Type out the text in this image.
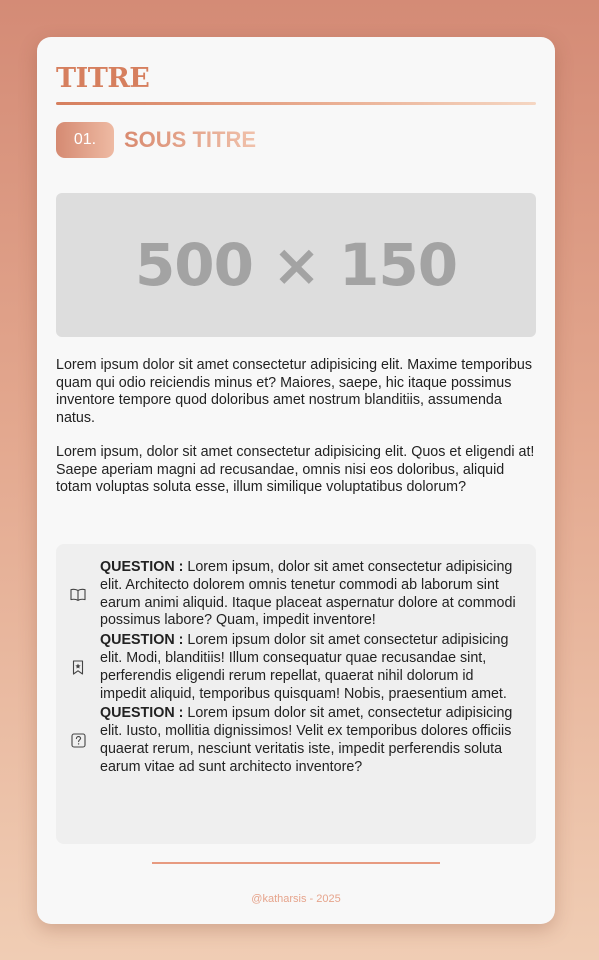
TITRE
01.	SOUS TITRE
500 × 150

Lorem ipsum dolor sit amet consectetur adipisicing elit. Maxime temporibus quam qui odio reiciendis minus et? Maiores, saepe, hic itaque possimus inventore tempore quod doloribus amet nostrum blanditiis, assumenda natus.

Lorem ipsum, dolor sit amet consectetur adipisicing elit. Quos et eligendi at! Saepe aperiam magni ad recusandae, omnis nisi eos doloribus, aliquid totam voluptas soluta esse, illum similique voluptatibus dolorum?

QUESTION : Lorem ipsum, dolor sit amet consectetur adipisicing elit. Architecto dolorem omnis tenetur commodi ab laborum sint earum animi aliquid. Itaque placeat aspernatur dolore at commodi possimus labore? Quam, impedit inventore!

QUESTION : Lorem ipsum dolor sit amet consectetur adipisicing elit. Modi, blanditiis! Illum consequatur quae recusandae sint, perferendis eligendi rerum repellat, quaerat nihil dolorum id impedit aliquid, temporibus quisquam! Nobis, praesentium amet.

QUESTION : Lorem ipsum dolor sit amet, consectetur adipisicing elit. Iusto, mollitia dignissimos! Velit ex temporibus dolores officiis quaerat rerum, nesciunt veritatis iste, impedit perferendis soluta earum vitae ad sunt architecto inventore?

@katharsis - 2025
